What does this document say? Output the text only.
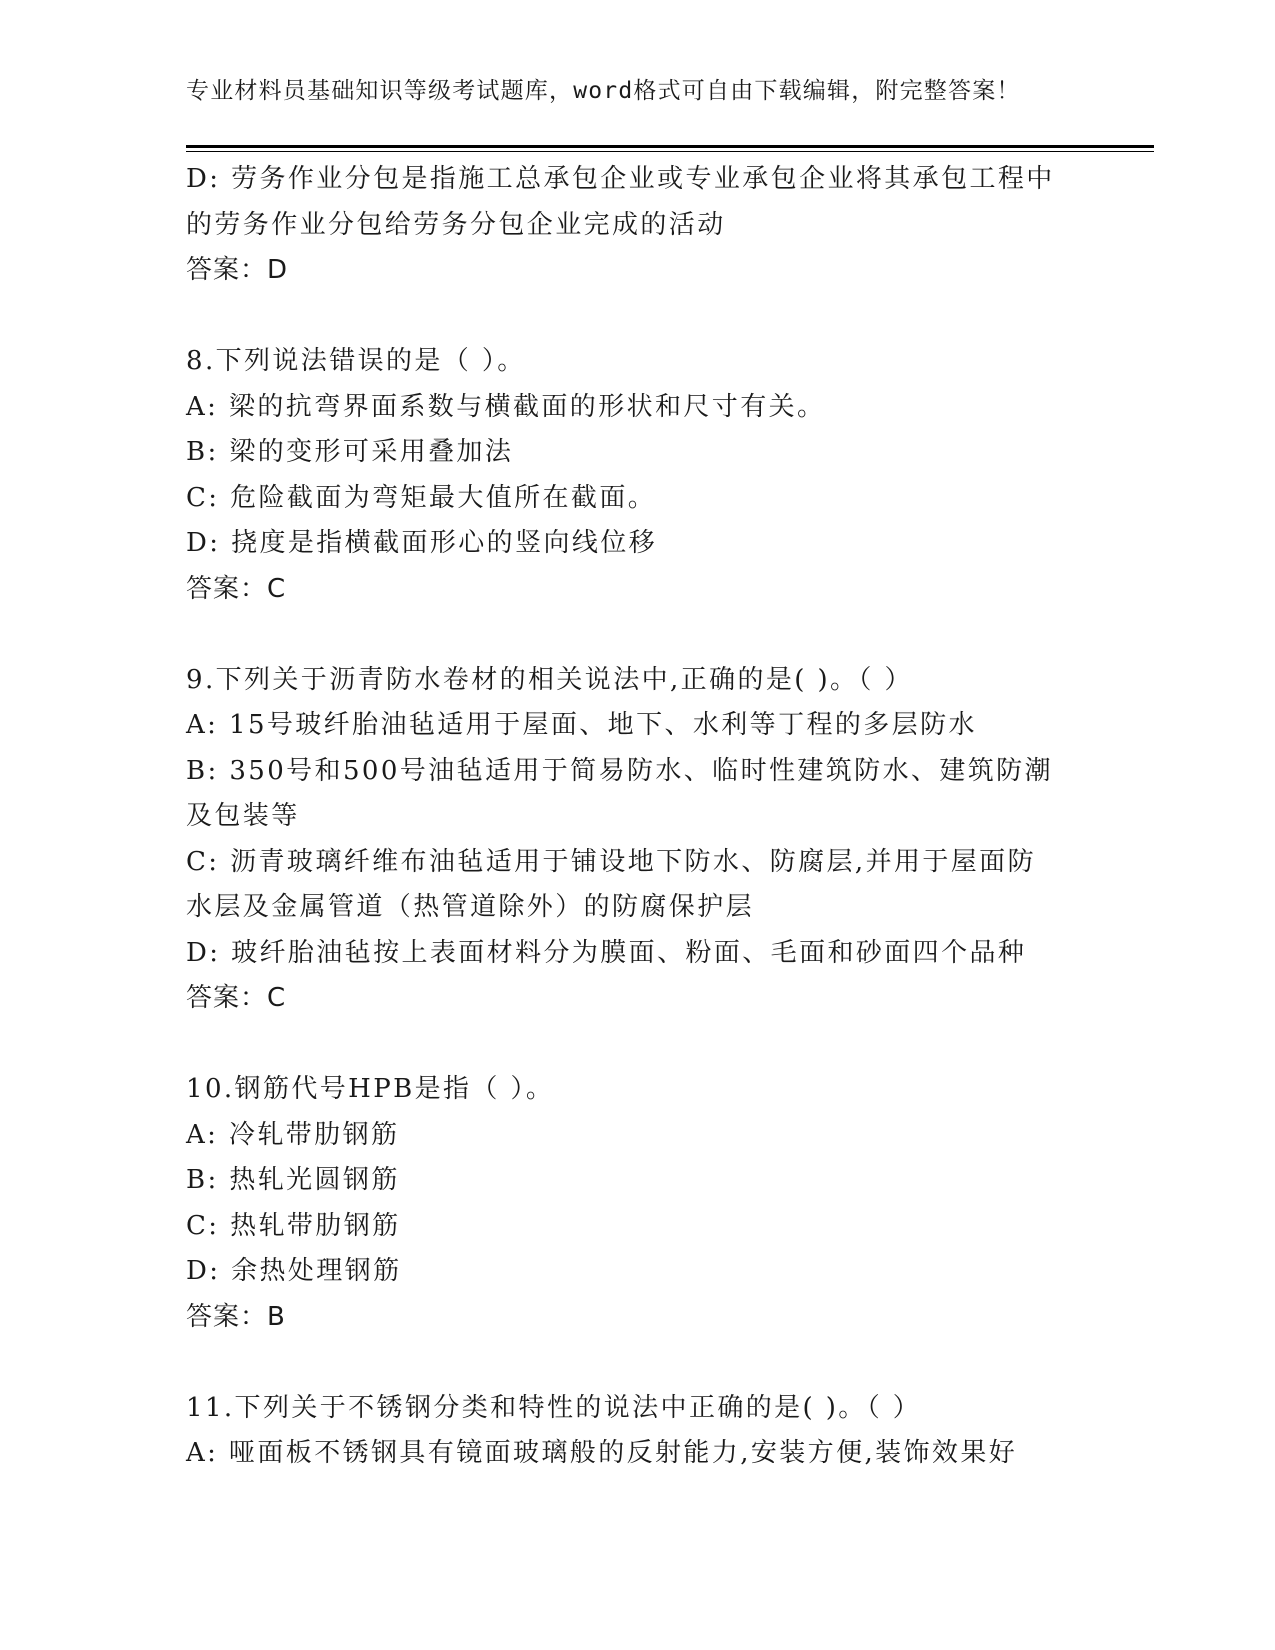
专业材料员基础知识等级考试题库，word格式可自由下载编辑，附完整答案！
D: 劳务作业分包是指施工总承包企业或专业承包企业将其承包工程中
的劳务作业分包给劳务分包企业完成的活动
答案：D
8.下列说法错误的是（ ）。
A: 梁的抗弯界面系数与横截面的形状和尺寸有关。
B: 梁的变形可采用叠加法
C: 危险截面为弯矩最大值所在截面。
D: 挠度是指横截面形心的竖向线位移
答案：C
9.下列关于沥青防水卷材的相关说法中,正确的是( )。（ ）
A: 15号玻纤胎油毡适用于屋面、地下、水利等丁程的多层防水
B: 350号和500号油毡适用于简易防水、临时性建筑防水、建筑防潮
及包装等
C: 沥青玻璃纤维布油毡适用于铺设地下防水、防腐层,并用于屋面防
水层及金属管道（热管道除外）的防腐保护层
D: 玻纤胎油毡按上表面材料分为膜面、粉面、毛面和砂面四个品种
答案：C
10.钢筋代号HPB是指（ ）。
A: 冷轧带肋钢筋
B: 热轧光圆钢筋
C: 热轧带肋钢筋
D: 余热处理钢筋
答案：B
11.下列关于不锈钢分类和特性的说法中正确的是( )。（ ）
A: 哑面板不锈钢具有镜面玻璃般的反射能力,安装方便,装饰效果好
